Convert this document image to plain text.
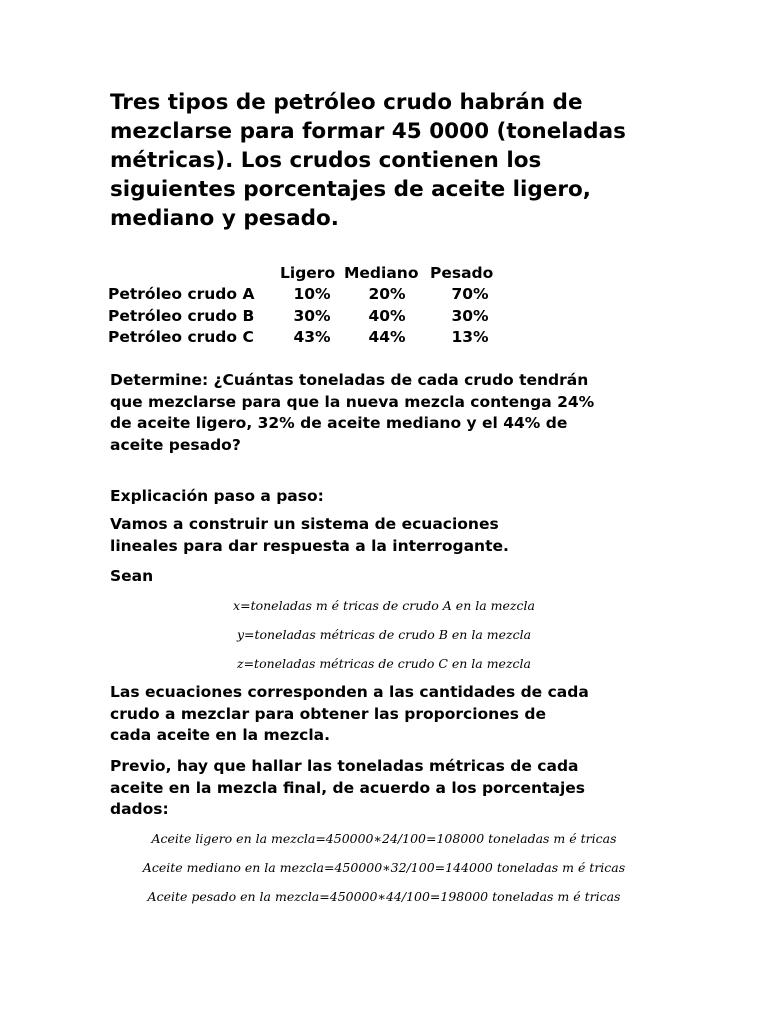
Tres tipos de petróleo crudo habrán de
mezclarse para formar 45 0000 (toneladas
métricas). Los crudos contienen los
siguientes porcentajes de aceite ligero,
mediano y pesado.

	Ligero	Mediano	Pesado
Petróleo crudo A	10%	20%	70%
Petróleo crudo B	30%	40%	30%
Petróleo crudo C	43%	44%	13%
Determine: ¿Cuántas toneladas de cada crudo tendrán
que mezclarse para que la nueva mezcla contenga 24%
de aceite ligero, 32% de aceite mediano y el 44% de
aceite pesado?
Explicación paso a paso:
Vamos a construir un sistema de ecuaciones
lineales para dar respuesta a la interrogante.
Sean
x=toneladas m é tricas de crudo A en la mezcla
y=toneladas métricas de crudo B en la mezcla
z=toneladas métricas de crudo C en la mezcla
Las ecuaciones corresponden a las cantidades de cada
crudo a mezclar para obtener las proporciones de
cada aceite en la mezcla.
Previo, hay que hallar las toneladas métricas de cada
aceite en la mezcla final, de acuerdo a los porcentajes
dados:
Aceite ligero en la mezcla=450000∗24/100=108000 toneladas m é tricas
Aceite mediano en la mezcla=450000∗32/100=144000 toneladas m é tricas
Aceite pesado en la mezcla=450000∗44/100=198000 toneladas m é tricas
